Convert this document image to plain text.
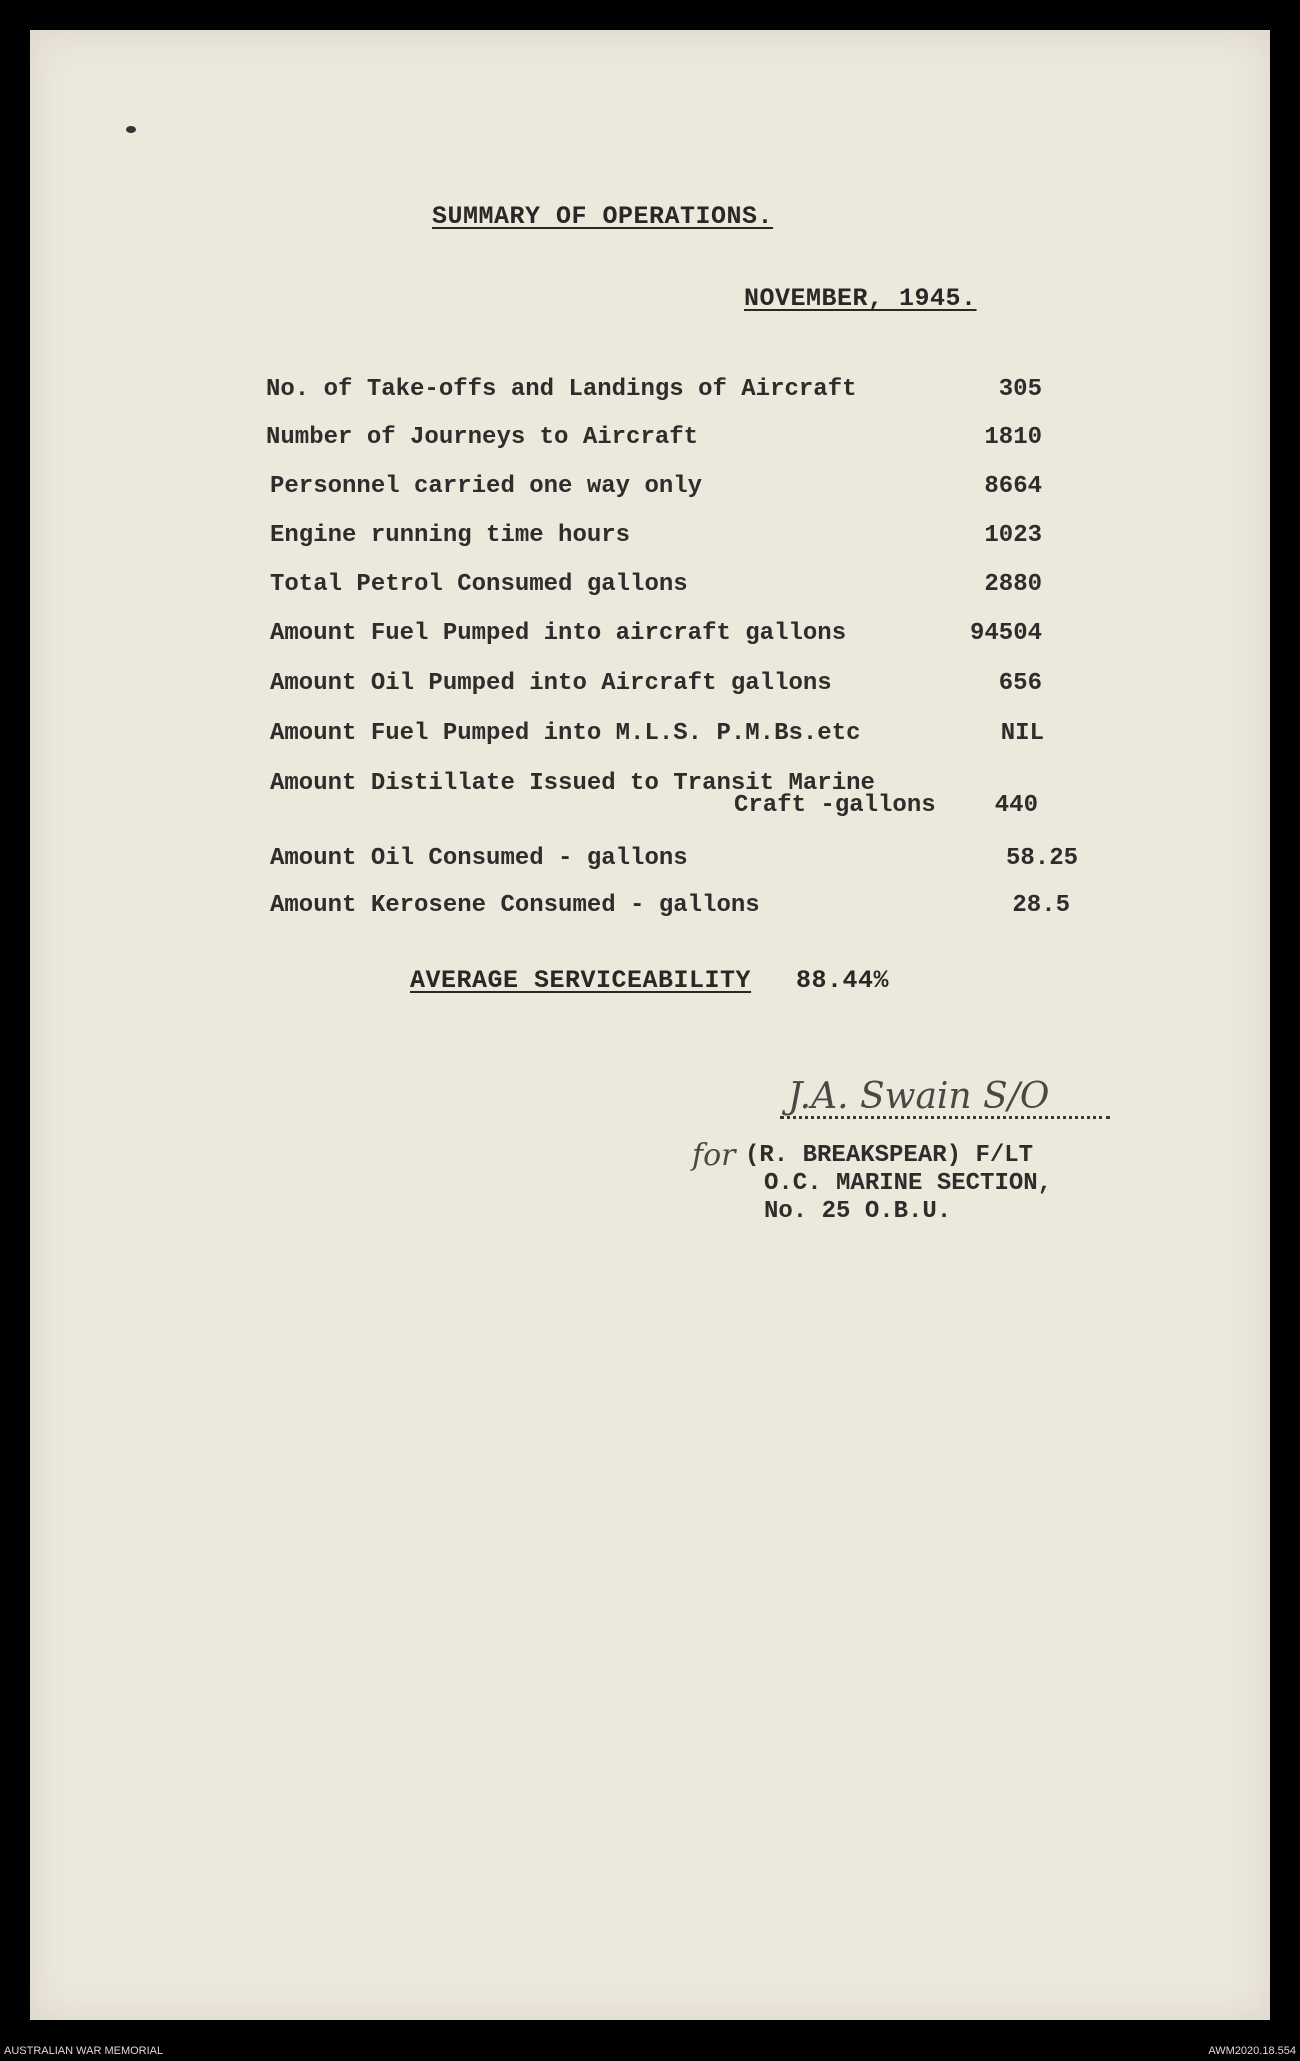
SUMMARY OF OPERATIONS.
NOVEMBER, 1945.
No. of Take-offs and Landings of Aircraft	305
Number of Journeys to Aircraft	1810
Personnel carried one way only	8664
Engine running time hours	1023
Total Petrol Consumed gallons	2880
Amount Fuel Pumped into aircraft gallons	94504
Amount Oil Pumped into Aircraft gallons	656
Amount Fuel Pumped into M.L.S. P.M.Bs.etc	NIL
Amount Distillate Issued to Transit Marine
Craft -gallons	440
Amount Oil Consumed - gallons	58.25
Amount Kerosene Consumed - gallons	28.5
AVERAGE SERVICEABILITY 88.44%
J.A. Swain S/O
for (R. BREAKSPEAR) F/LT
O.C. MARINE SECTION,
No. 25 O.B.U.
AUSTRALIAN WAR MEMORIAL	AWM2020.18.554
